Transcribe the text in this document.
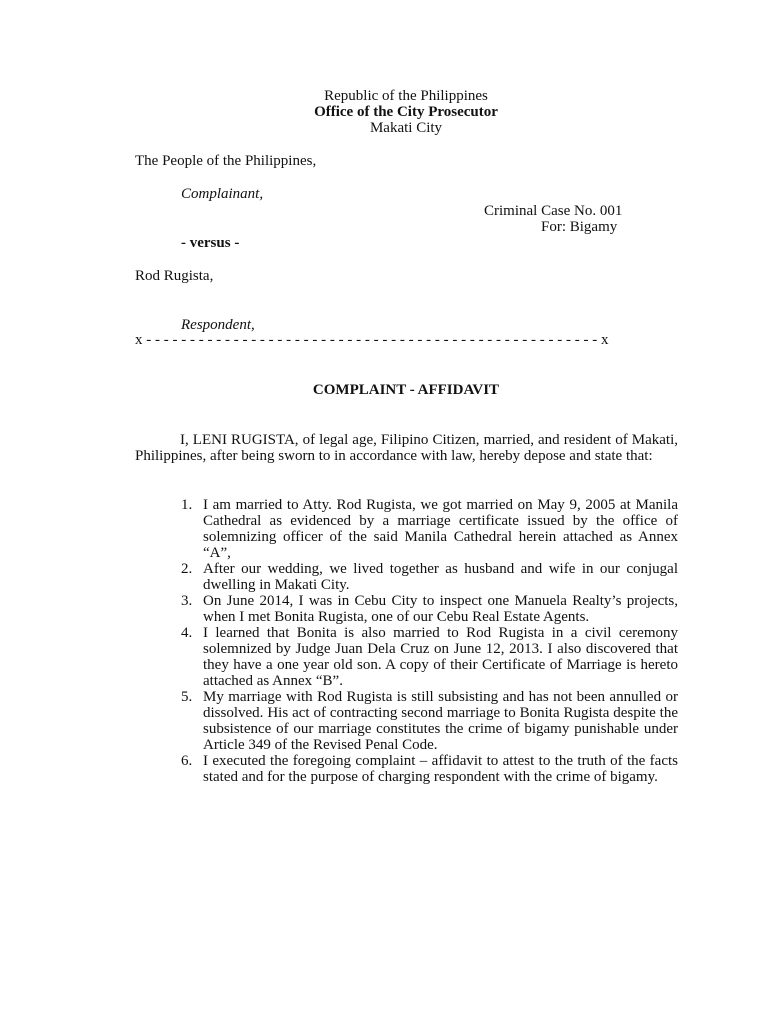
Republic of the Philippines
Office of the City Prosecutor
Makati City
The People of the Philippines,
Complainant,
Criminal Case No. 001
For: Bigamy
- versus -
Rod Rugista,
Respondent,
x - - - - - - - - - - - - - - - - - - - - - - - - - - - - - - - - - - - - - - - - - - - - - - - - - - - - x
COMPLAINT - AFFIDAVIT
I, LENI RUGISTA, of legal age, Filipino Citizen, married, and resident of Makati, Philippines, after being sworn to in accordance with law, hereby depose and state that:
1. I am married to Atty. Rod Rugista, we got married on May 9, 2005 at Manila Cathedral as evidenced by a marriage certificate issued by the office of solemnizing officer of the said Manila Cathedral herein attached as Annex “A”,
2. After our wedding, we lived together as husband and wife in our conjugal dwelling in Makati City.
3. On June 2014, I was in Cebu City to inspect one Manuela Realty’s projects, when I met Bonita Rugista, one of our Cebu Real Estate Agents.
4. I learned that Bonita is also married to Rod Rugista in a civil ceremony solemnized by Judge Juan Dela Cruz on June 12, 2013. I also discovered that they have a one year old son. A copy of their Certificate of Marriage is hereto attached as Annex “B”.
5. My marriage with Rod Rugista is still subsisting and has not been annulled or dissolved. His act of contracting second marriage to Bonita Rugista despite the subsistence of our marriage constitutes the crime of bigamy punishable under Article 349 of the Revised Penal Code.
6. I executed the foregoing complaint – affidavit to attest to the truth of the facts stated and for the purpose of charging respondent with the crime of bigamy.
